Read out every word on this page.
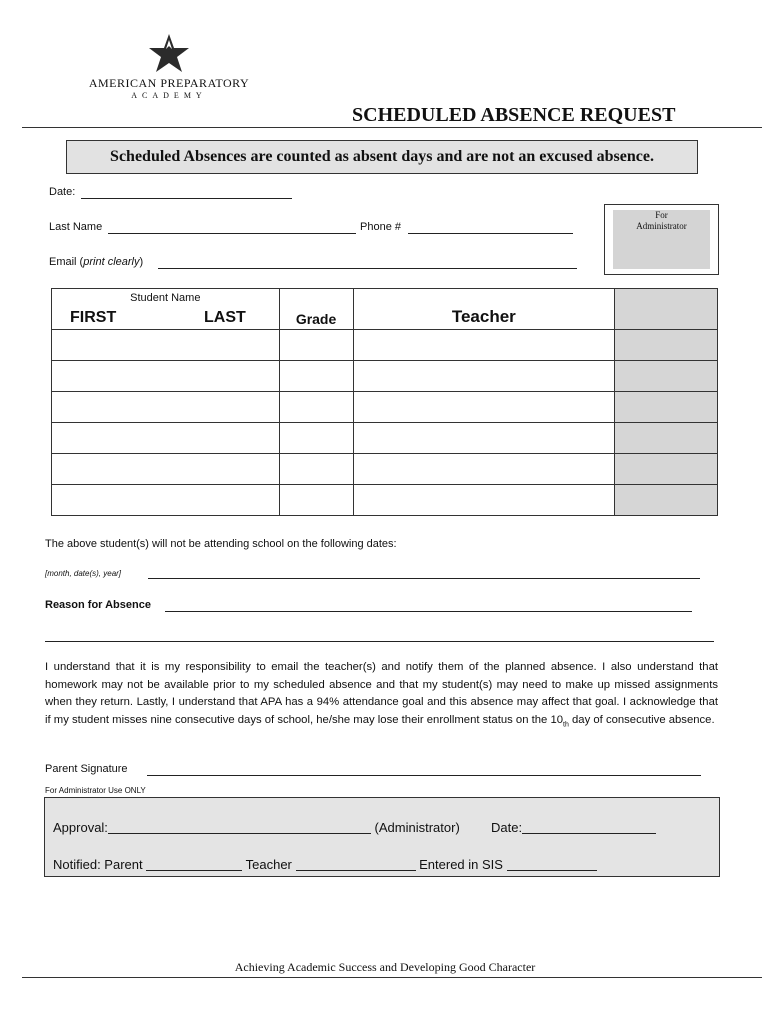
AMERICAN PREPARATORY
ACADEMY
SCHEDULED ABSENCE REQUEST
Scheduled Absences are counted as absent days and are not an excused absence.
Date:
Last Name	Phone #
Email (print clearly)
For
Administrator
Student Name
FIRST LAST	Grade	Teacher	

The above student(s) will not be attending school on the following dates:
[month, date(s), year]
Reason for Absence
I understand that it is my responsibility to email the teacher(s) and notify them of the planned absence. I also understand that homework may not be available prior to my scheduled absence and that my student(s) may need to make up missed assignments when they return. Lastly, I understand that APA has a 94% attendance goal and this absence may affect that goal. I acknowledge that if my student misses nine consecutive days of school, he/she may lose their enrollment status on the $10_{th}$ day of consecutive absence.
Parent Signature
For Administrator Use ONLY
Approval:	(Administrator) Date:
Notified: Parent	Teacher	Entered in SIS
Achieving Academic Success and Developing Good Character
